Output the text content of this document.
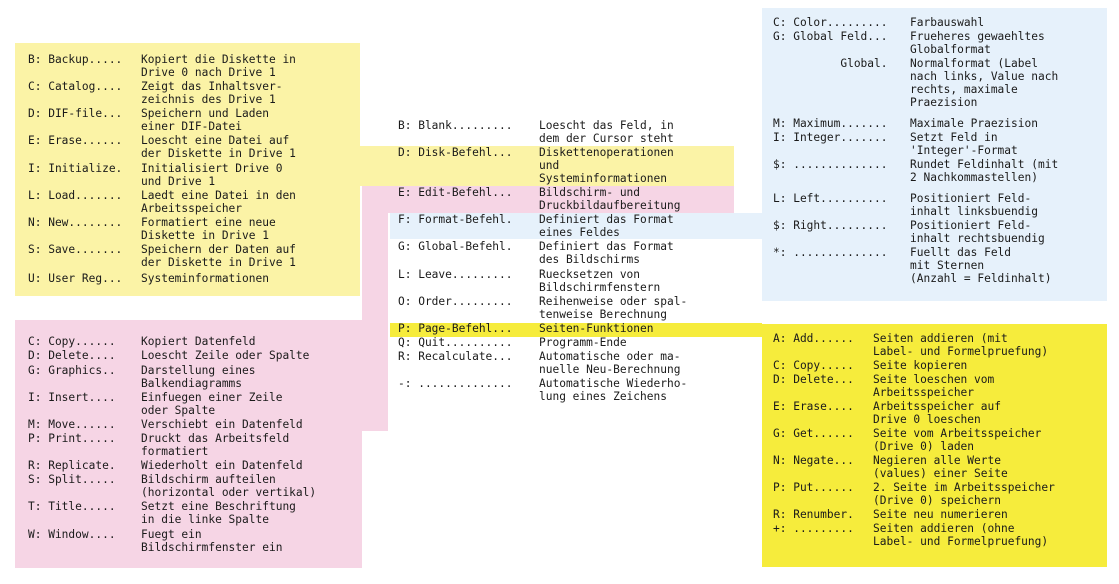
B: Backup..... Kopiert die Diskette in
Drive 0 nach Drive 1
C: Catalog.... Zeigt das Inhaltsver-
zeichnis des Drive 1
D: DIF-file... Speichern und Laden
einer DIF-Datei
E: Erase...... Loescht eine Datei auf
der Diskette in Drive 1
I: Initialize. Initialisiert Drive 0
und Drive 1
L: Load....... Laedt eine Datei in den
Arbeitsspeicher
N: New........ Formatiert eine neue
Diskette in Drive 1
S: Save....... Speichern der Daten auf
der Diskette in Drive 1
U: User Reg... Systeminformationen
C: Copy...... Kopiert Datenfeld
D: Delete.... Loescht Zeile oder Spalte
G: Graphics.. Darstellung eines
Balkendiagramms
I: Insert.... Einfuegen einer Zeile
oder Spalte
M: Move...... Verschiebt ein Datenfeld
P: Print..... Druckt das Arbeitsfeld
formatiert
R: Replicate. Wiederholt ein Datenfeld
S: Split..... Bildschirm aufteilen
(horizontal oder vertikal)
T: Title..... Setzt eine Beschriftung
in die linke Spalte
W: Window.... Fuegt ein
Bildschirmfenster ein
B: Blank......... Loescht das Feld, in
dem der Cursor steht
D: Disk-Befehl... Diskettenoperationen
und
Systeminformationen
E: Edit-Befehl... Bildschirm- und
Druckbildaufbereitung
F: Format-Befehl. Definiert das Format
eines Feldes
G: Global-Befehl. Definiert das Format
des Bildschirms
L: Leave......... Ruecksetzen von
Bildschirmfenstern
O: Order......... Reihenweise oder spal-
tenweise Berechnung
P: Page-Befehl... Seiten-Funktionen
Q: Quit.......... Programm-Ende
R: Recalculate... Automatische oder ma-
nuelle Neu-Berechnung
-: .............. Automatische Wiederho-
lung eines Zeichens
C: Color......... Farbauswahl
G: Global Feld... Frueheres gewaehltes
Globalformat
Global. Normalformat (Label
nach links, Value nach
rechts, maximale
Praezision
M: Maximum....... Maximale Praezision
I: Integer....... Setzt Feld in
'Integer'-Format
$: .............. Rundet Feldinhalt (mit
2 Nachkommastellen)
L: Left.......... Positioniert Feld-
inhalt linksbuendig
$: Right......... Positioniert Feld-
inhalt rechtsbuendig
*: .............. Fuellt das Feld
mit Sternen
(Anzahl = Feldinhalt)
A: Add...... Seiten addieren (mit
Label- und Formelpruefung)
C: Copy..... Seite kopieren
D: Delete... Seite loeschen vom
Arbeitsspeicher
E: Erase.... Arbeitsspeicher auf
Drive 0 loeschen
G: Get...... Seite vom Arbeitsspeicher
(Drive 0) laden
N: Negate... Negieren alle Werte
(values) einer Seite
P: Put...... 2. Seite im Arbeitsspeicher
(Drive 0) speichern
R: Renumber. Seite neu numerieren
+: ......... Seiten addieren (ohne
Label- und Formelpruefung)
